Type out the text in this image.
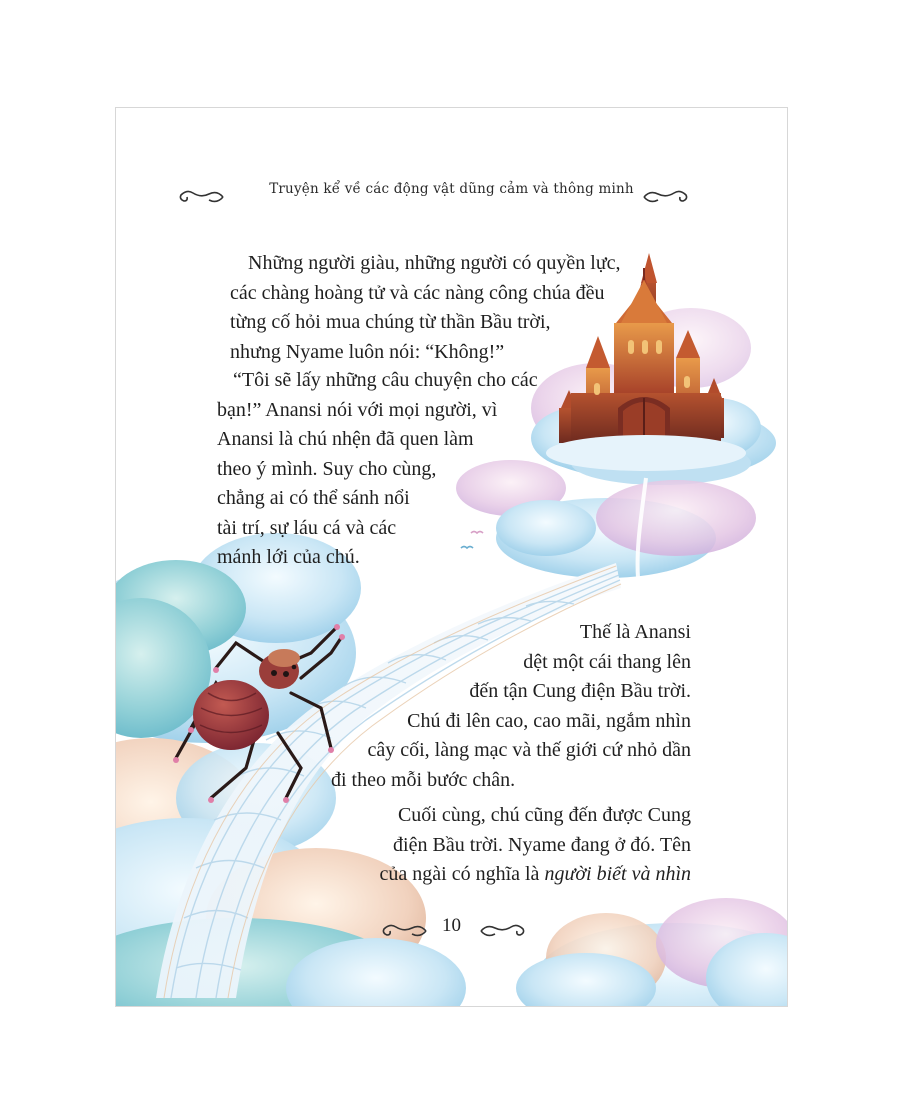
Truyện kể về các động vật dũng cảm và thông minh
Những người giàu, những người có quyền lực,
các chàng hoàng tử và các nàng công chúa đều
từng cố hỏi mua chúng từ thần Bầu trời,
nhưng Nyame luôn nói: “Không!”
“Tôi sẽ lấy những câu chuyện cho các
bạn!” Anansi nói với mọi người, vì
Anansi là chú nhện đã quen làm
theo ý mình. Suy cho cùng,
chẳng ai có thể sánh nổi
tài trí, sự láu cá và các
mánh lới của chú.
Thế là Anansi
dệt một cái thang lên
đến tận Cung điện Bầu trời.
Chú đi lên cao, cao mãi, ngắm nhìn
cây cối, làng mạc và thế giới cứ nhỏ dần
đi theo mỗi bước chân.
Cuối cùng, chú cũng đến được Cung
điện Bầu trời. Nyame đang ở đó. Tên
của ngài có nghĩa là người biết và nhìn
10
